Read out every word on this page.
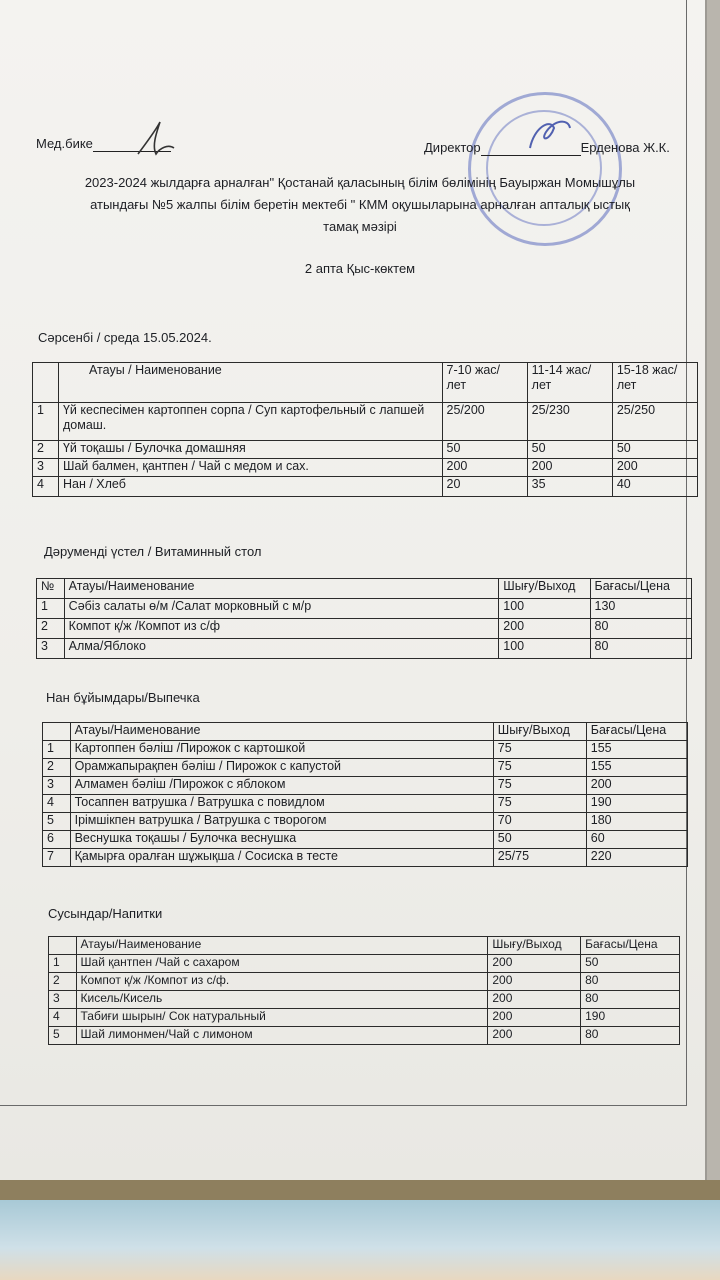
Мед.бике	Директор	Ерденова Ж.К.
2023-2024 жылдарға арналған" Қостанай қаласының білім бөлімінің Бауыржан Момышұлы
атындағы №5 жалпы білім беретін мектебі " КММ оқушыларына арналған апталық ыстық
тамақ мәзірі
2 апта Қыс-көктем
Сәрсенбі / среда 15.05.2024.
	Атауы / Наименование	7-10 жас/ лет	11-14 жас/ лет	15-18 жас/ лет
1	Үй кеспесімен картоппен сорпа / Суп картофельный с лапшей домаш.	25/200	25/230	25/250
2	Үй тоқашы / Булочка домашняя	50	50	50
3	Шай балмен, қантпен / Чай с медом и сах.	200	200	200
4	Нан / Хлеб	20	35	40
Дәруменді үстел / Витаминный стол
№	Атауы/Наименование	Шығу/Выход	Бағасы/Цена
1	Сәбіз салаты ө/м /Салат морковный с м/р	100	130
2	Компот қ/ж /Компот из с/ф	200	80
3	Алма/Яблоко	100	80
Нан бұйымдары/Выпечка
	Атауы/Наименование	Шығу/Выход	Бағасы/Цена
1	Картоппен бәліш /Пирожок с картошкой	75	155
2	Орамжапырақпен бәліш / Пирожок с капустой	75	155
3	Алмамен бәліш /Пирожок с яблоком	75	200
4	Тосаппен ватрушка / Ватрушка с повидлом	75	190
5	Ірімшікпен ватрушка / Ватрушка с творогом	70	180
6	Веснушка тоқашы / Булочка веснушка	50	60
7	Қамырға оралған шұжықша / Сосиска в тесте	25/75	220
Сусындар/Напитки
	Атауы/Наименование	Шығу/Выход	Бағасы/Цена
1	Шай қантпен /Чай с сахаром	200	50
2	Компот қ/ж /Компот из с/ф.	200	80
3	Кисель/Кисель	200	80
4	Табиғи шырын/ Сок натуральный	200	190
5	Шай лимонмен/Чай с лимоном	200	80
